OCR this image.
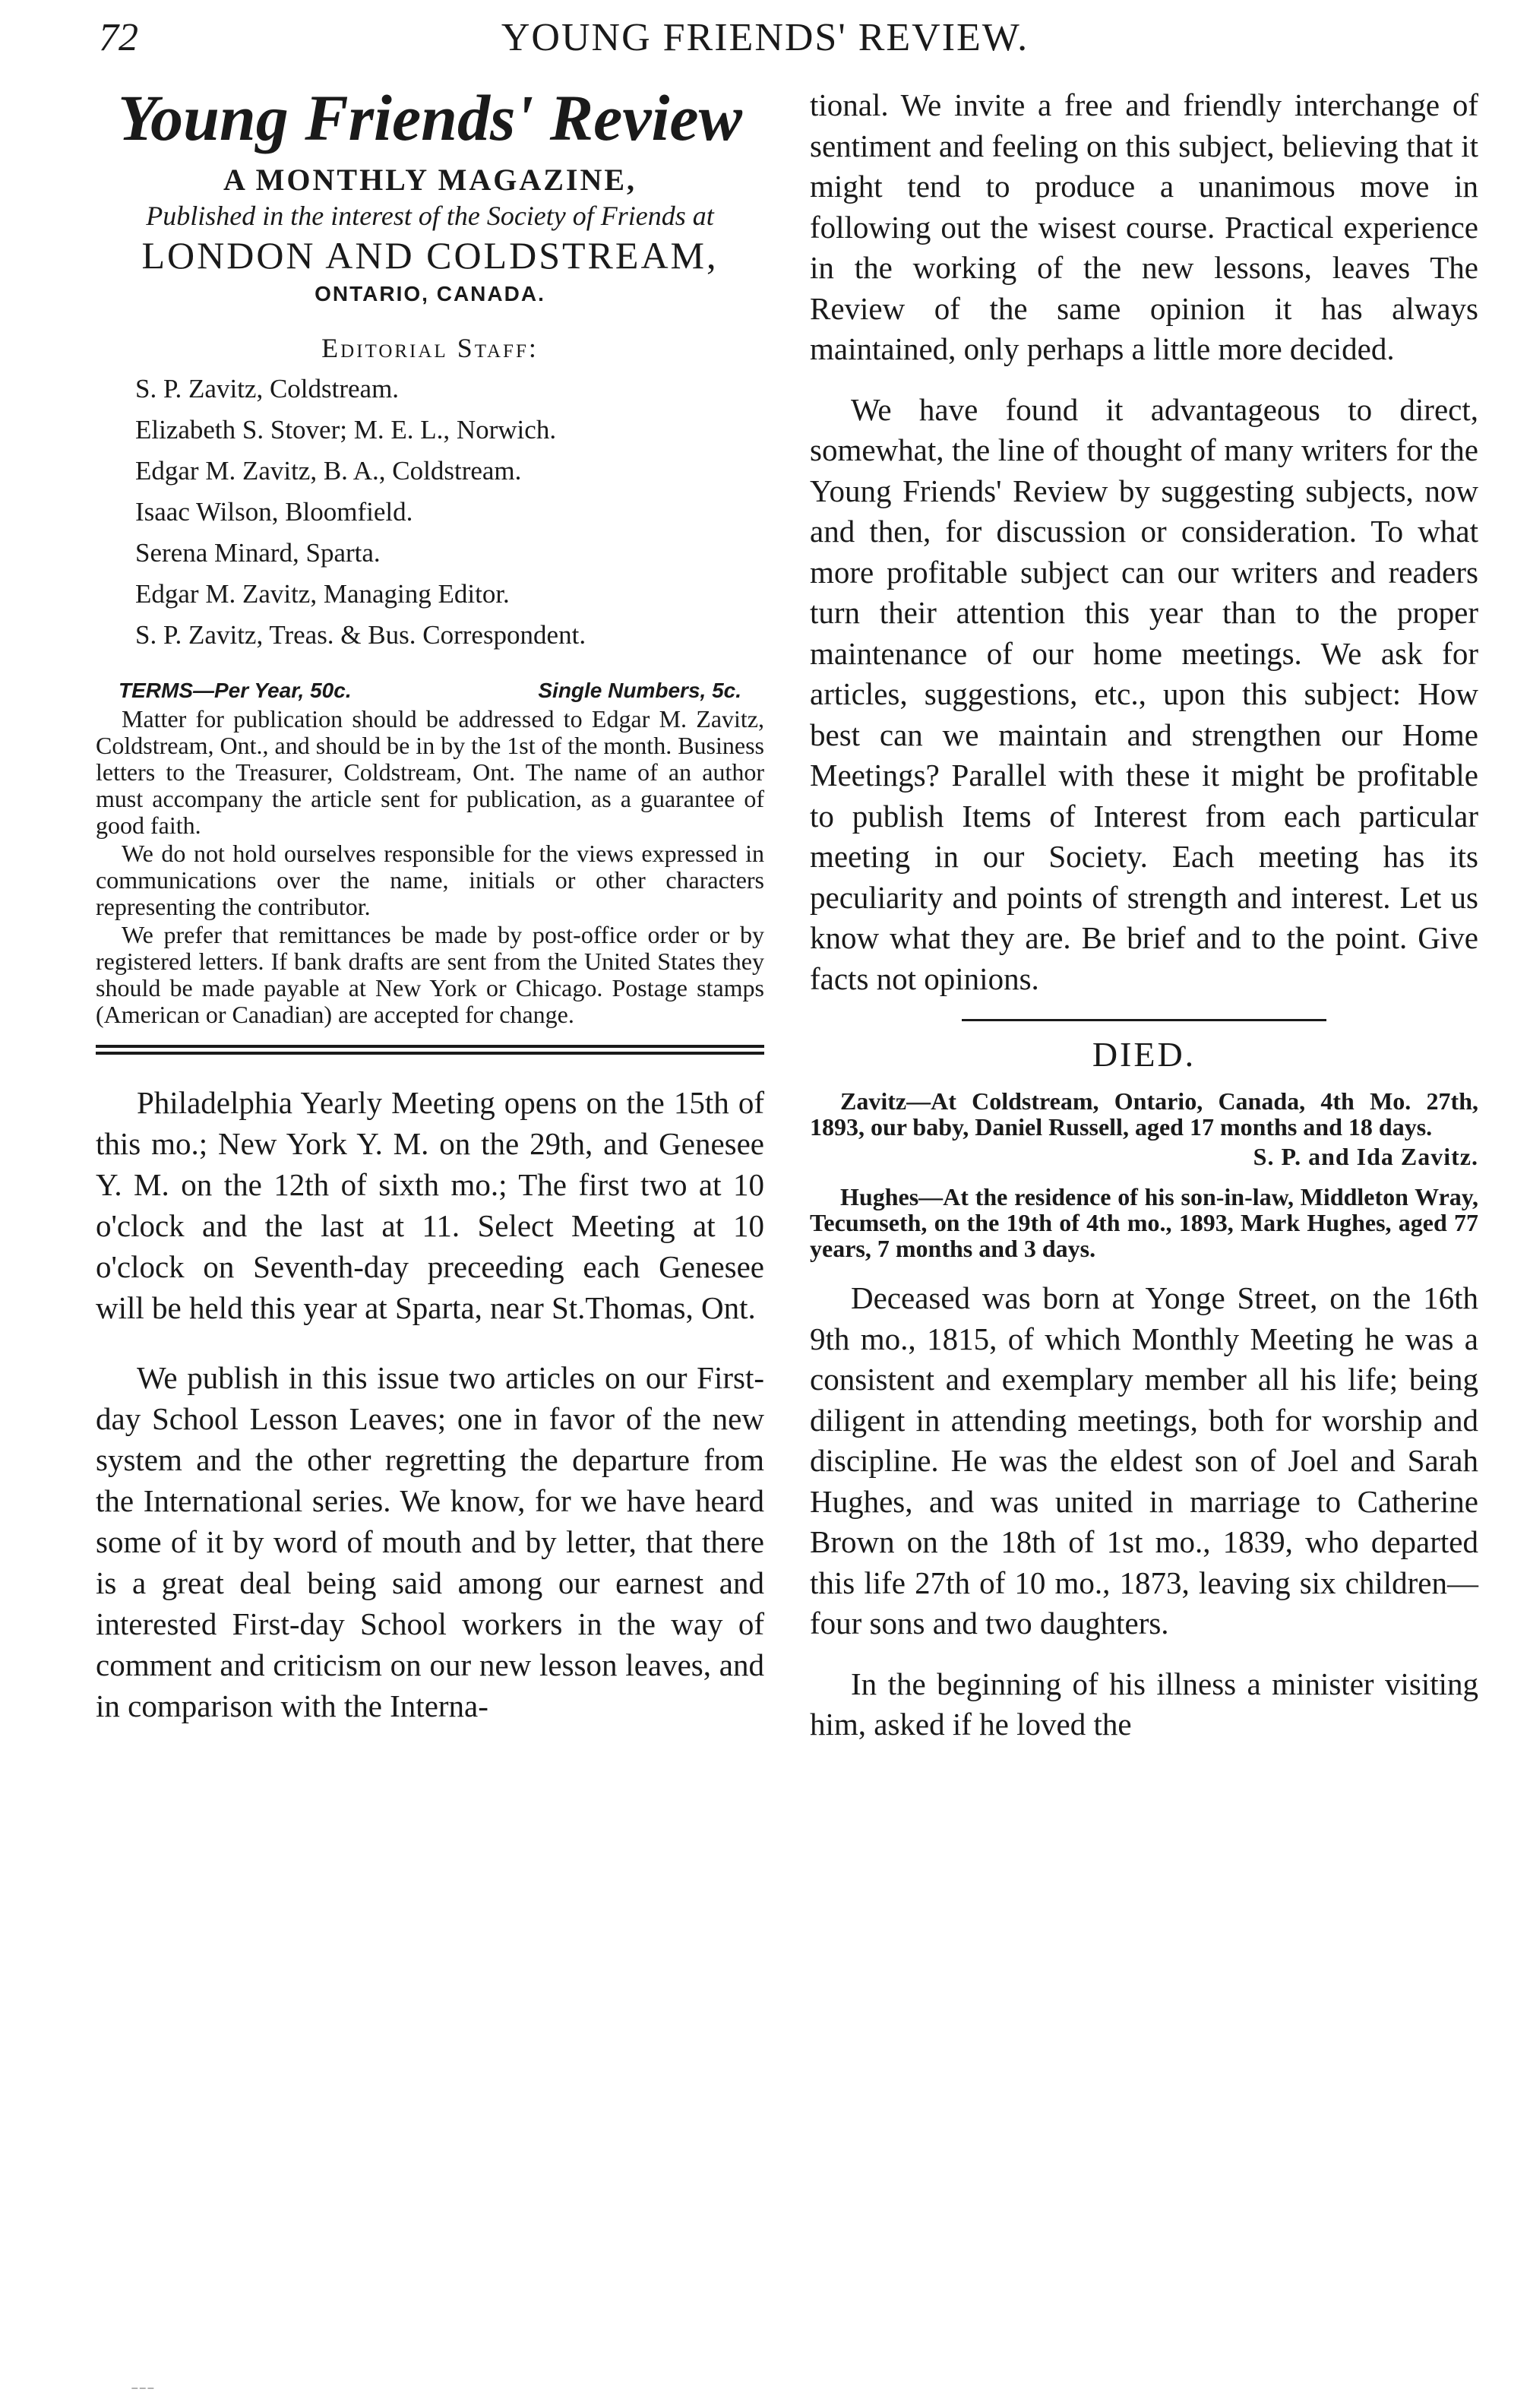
YOUNG FRIENDS' REVIEW.
72
Young Friends' Review
A MONTHLY MAGAZINE,
Published in the interest of the Society of Friends at
LONDON AND COLDSTREAM,
ONTARIO, CANADA.
Editorial Staff:
S. P. Zavitz, Coldstream.
Elizabeth S. Stover; M. E. L., Norwich.
Edgar M. Zavitz, B. A., Coldstream.
Isaac Wilson, Bloomfield.
Serena Minard, Sparta.
Edgar M. Zavitz, Managing Editor.
S. P. Zavitz, Treas. & Bus. Correspondent.
TERMS—Per Year, 50c.	Single Numbers, 5c.

Matter for publication should be addressed to Edgar M. Zavitz, Coldstream, Ont., and should be in by the 1st of the month. Business letters to the Treasurer, Coldstream, Ont. The name of an author must accompany the article sent for publication, as a guarantee of good faith.

We do not hold ourselves responsible for the views expressed in communications over the name, initials or other characters representing the contributor.

We prefer that remittances be made by post-office order or by registered letters. If bank drafts are sent from the United States they should be made payable at New York or Chicago. Postage stamps (American or Canadian) are accepted for change.

Philadelphia Yearly Meeting opens on the 15th of this mo.; New York Y. M. on the 29th, and Genesee Y. M. on the 12th of sixth mo.; The first two at 10 o'clock and the last at 11. Select Meeting at 10 o'clock on Seventh-day preceeding each Genesee will be held this year at Sparta, near St.Thomas, Ont.

We publish in this issue two articles on our First-day School Lesson Leaves; one in favor of the new system and the other regretting the departure from the International series. We know, for we have heard some of it by word of mouth and by letter, that there is a great deal being said among our earnest and interested First-day School workers in the way of comment and criticism on our new lesson leaves, and in comparison with the Interna-

tional. We invite a free and friendly interchange of sentiment and feeling on this subject, believing that it might tend to produce a unanimous move in following out the wisest course. Practical experience in the working of the new lessons, leaves The Review of the same opinion it has always maintained, only perhaps a little more decided.

We have found it advantageous to direct, somewhat, the line of thought of many writers for the Young Friends' Review by suggesting subjects, now and then, for discussion or consideration. To what more profitable subject can our writers and readers turn their attention this year than to the proper maintenance of our home meetings. We ask for articles, suggestions, etc., upon this subject: How best can we maintain and strengthen our Home Meetings? Parallel with these it might be profitable to publish Items of Interest from each particular meeting in our Society. Each meeting has its peculiarity and points of strength and interest. Let us know what they are. Be brief and to the point. Give facts not opinions.

DIED.

Zavitz—At Coldstream, Ontario, Canada, 4th Mo. 27th, 1893, our baby, Daniel Russell, aged 17 months and 18 days.

S. P. and Ida Zavitz.

Hughes—At the residence of his son-in-law, Middleton Wray, Tecumseth, on the 19th of 4th mo., 1893, Mark Hughes, aged 77 years, 7 months and 3 days.

Deceased was born at Yonge Street, on the 16th 9th mo., 1815, of which Monthly Meeting he was a consistent and exemplary member all his life; being diligent in attending meetings, both for worship and discipline. He was the eldest son of Joel and Sarah Hughes, and was united in marriage to Catherine Brown on the 18th of 1st mo., 1839, who departed this life 27th of 10 mo., 1873, leaving six children—four sons and two daughters.

In the beginning of his illness a minister visiting him, asked if he loved the

⁻⁻⁻
